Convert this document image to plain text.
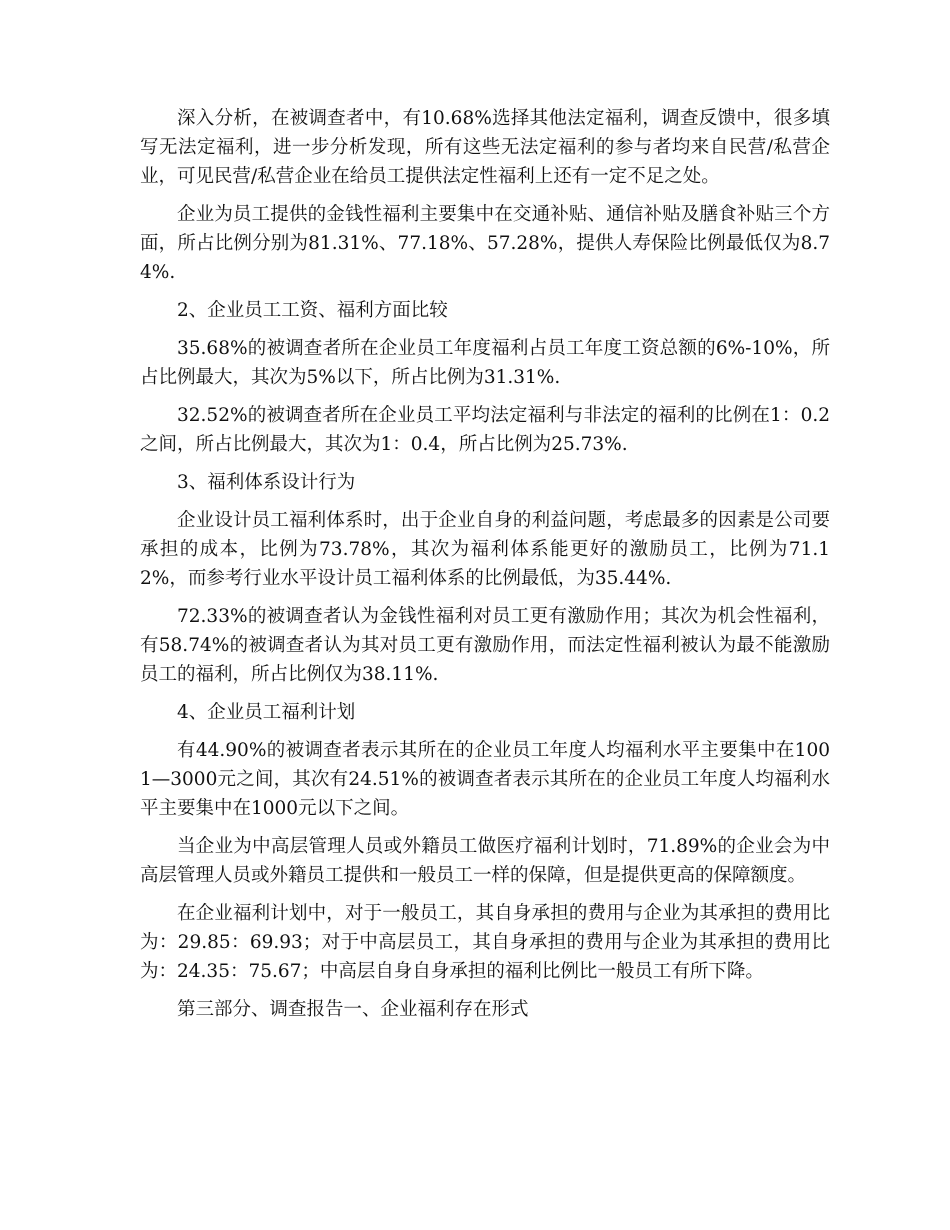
深入分析，在被调查者中，有10.68%选择其他法定福利，调查反馈中，很多填写无法定福利，进一步分析发现，所有这些无法定福利的参与者均来自民营/私营企业，可见民营/私营企业在给员工提供法定性福利上还有一定不足之处。

企业为员工提供的金钱性福利主要集中在交通补贴、通信补贴及膳食补贴三个方面，所占比例分别为81.31%、77.18%、57.28%，提供人寿保险比例最低仅为8.74%.

2、企业员工工资、福利方面比较

35.68%的被调查者所在企业员工年度福利占员工年度工资总额的6%-10%，所占比例最大，其次为5%以下，所占比例为31.31%.

32.52%的被调查者所在企业员工平均法定福利与非法定的福利的比例在1：0.2之间，所占比例最大，其次为1：0.4，所占比例为25.73%.

3、福利体系设计行为

企业设计员工福利体系时，出于企业自身的利益问题，考虑最多的因素是公司要承担的成本，比例为73.78%，其次为福利体系能更好的激励员工，比例为71.12%，而参考行业水平设计员工福利体系的比例最低，为35.44%.

72.33%的被调查者认为金钱性福利对员工更有激励作用；其次为机会性福利，有58.74%的被调查者认为其对员工更有激励作用，而法定性福利被认为最不能激励员工的福利，所占比例仅为38.11%.

4、企业员工福利计划

有44.90%的被调查者表示其所在的企业员工年度人均福利水平主要集中在1001—3000元之间，其次有24.51%的被调查者表示其所在的企业员工年度人均福利水平主要集中在1000元以下之间。

当企业为中高层管理人员或外籍员工做医疗福利计划时，71.89%的企业会为中高层管理人员或外籍员工提供和一般员工一样的保障，但是提供更高的保障额度。

在企业福利计划中，对于一般员工，其自身承担的费用与企业为其承担的费用比为：29.85：69.93；对于中高层员工，其自身承担的费用与企业为其承担的费用比为：24.35：75.67；中高层自身自身承担的福利比例比一般员工有所下降。

第三部分、调查报告一、企业福利存在形式
